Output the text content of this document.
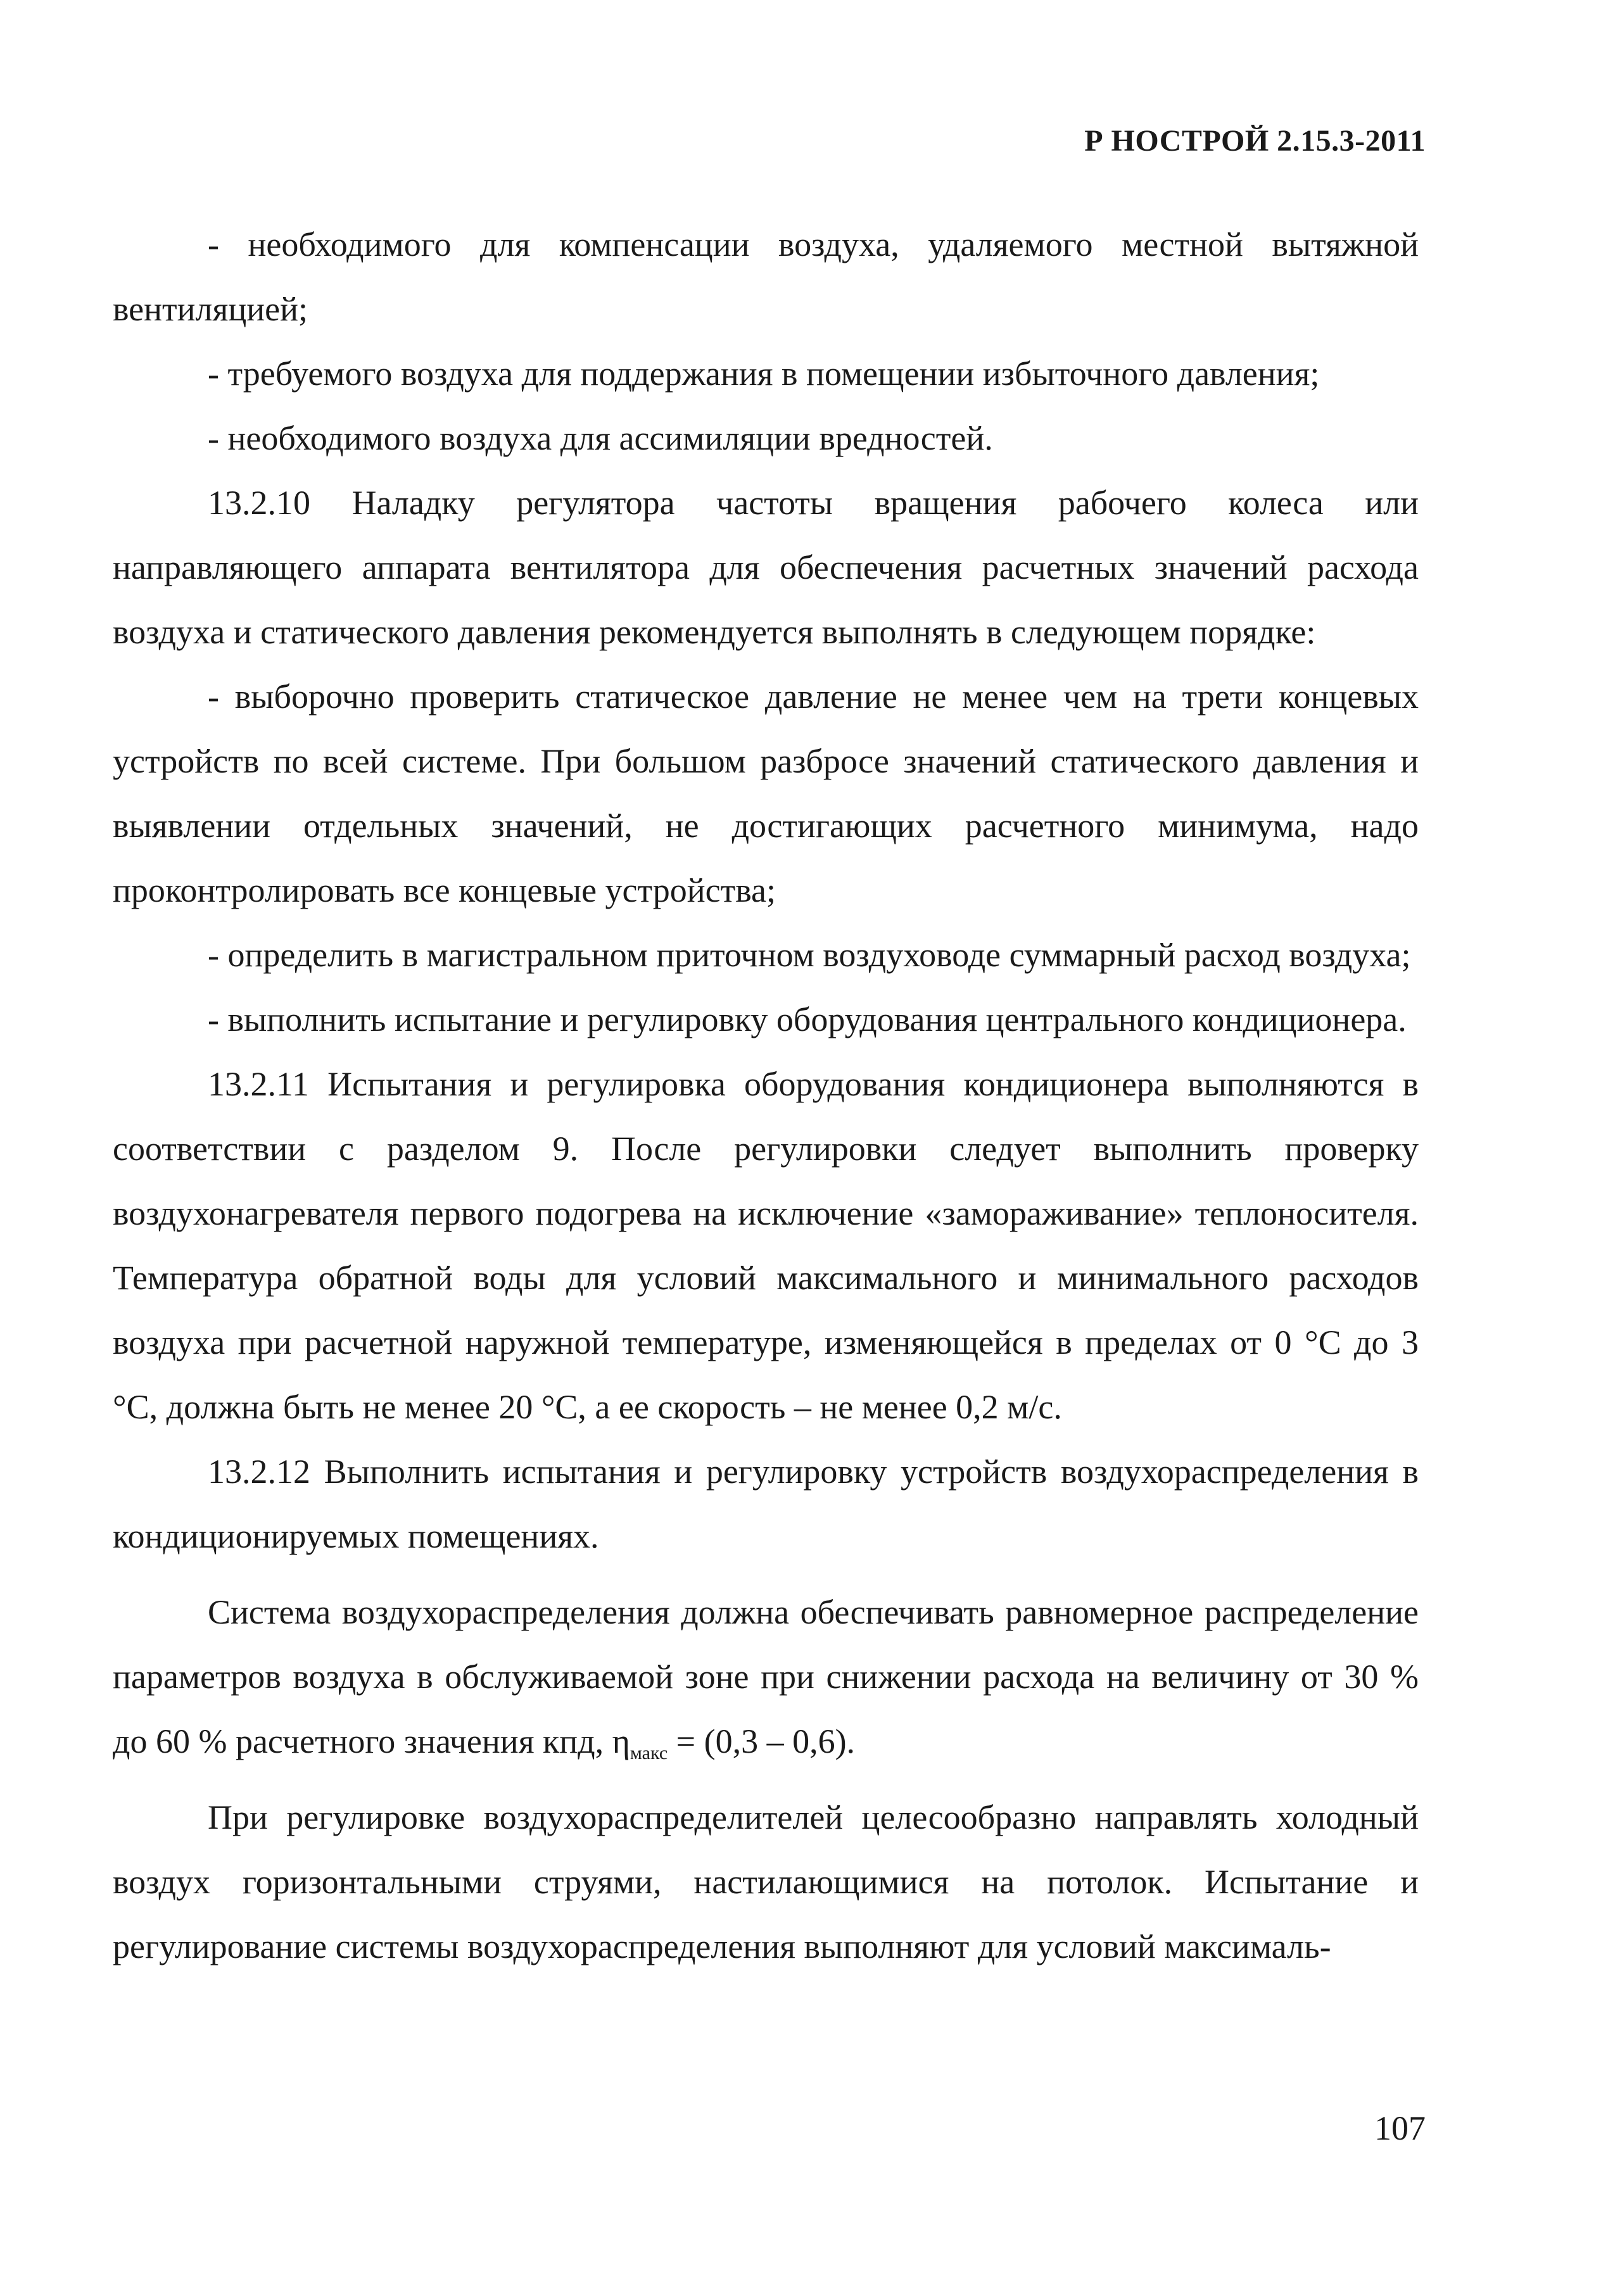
Р НОСТРОЙ 2.15.3-2011

- необходимого для компенсации воздуха, удаляемого местной вытяжной вентиляцией;

- требуемого воздуха для поддержания в помещении избыточного давления;

- необходимого воздуха для ассимиляции вредностей.

13.2.10 Наладку регулятора частоты вращения рабочего колеса или направляющего аппарата вентилятора для обеспечения расчетных значений расхода воздуха и статического давления рекомендуется выполнять в следующем порядке:

- выборочно проверить статическое давление не менее чем на трети концевых устройств по всей системе. При большом разбросе значений статического давления и выявлении отдельных значений, не достигающих расчетного минимума, надо проконтролировать все концевые устройства;

- определить в магистральном приточном воздуховоде суммарный расход воздуха;

- выполнить испытание и регулировку оборудования центрального кондиционера.

13.2.11 Испытания и регулировка оборудования кондиционера выполняются в соответствии с разделом 9. После регулировки следует выполнить проверку воздухонагревателя первого подогрева на исключение «замораживание» теплоносителя. Температура обратной воды для условий максимального и минимального расходов воздуха при расчетной наружной температуре, изменяющейся в пределах от 0 °С до 3 °С, должна быть не менее 20 °С, а ее скорость – не менее 0,2 м/с.

13.2.12 Выполнить испытания и регулировку устройств воздухораспределения в кондиционируемых помещениях.

Система воздухораспределения должна обеспечивать равномерное распределение параметров воздуха в обслуживаемой зоне при снижении расхода на величину от 30 % до 60 % расчетного значения кпд, $\eta_{макс} = (0,3 - 0,6)$.

При регулировке воздухораспределителей целесообразно направлять холодный воздух горизонтальными струями, настилающимися на потолок. Испытание и регулирование системы воздухораспределения выполняют для условий максималь-

107
